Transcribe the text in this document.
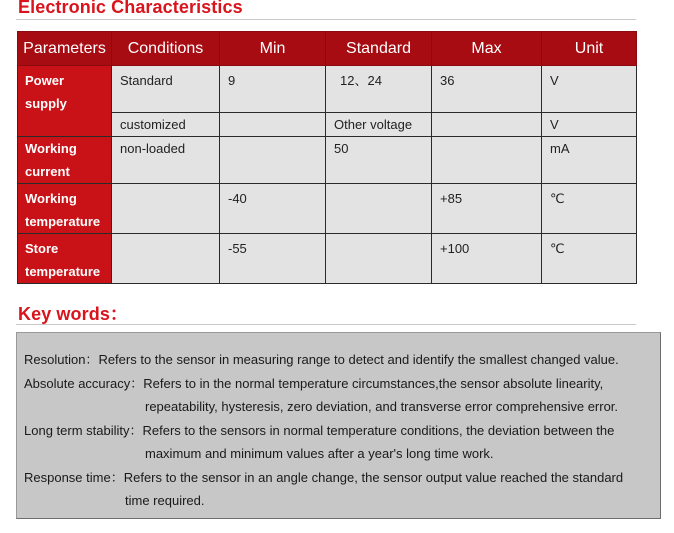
Electronic Characteristics
Parameters	Conditions	Min	Standard	Max	Unit
Power
supply	Standard	9	12、24	36	V
	customized		Other voltage		V
Working
current	non-loaded		50		mA
Working
temperature		-40		+85	℃
Store
temperature		-55		+100	℃
Key words：

Resolution：Refers to the sensor in measuring range to detect and identify the smallest changed value.

Absolute accuracy：Refers to in the normal temperature circumstances,the sensor absolute linearity,
repeatability, hysteresis, zero deviation, and transverse error comprehensive error.

Long term stability：Refers to the sensors in normal temperature conditions, the deviation between the
maximum and minimum values after a year's long time work.

Response time：Refers to the sensor in an angle change, the sensor output value reached the standard
time required.
